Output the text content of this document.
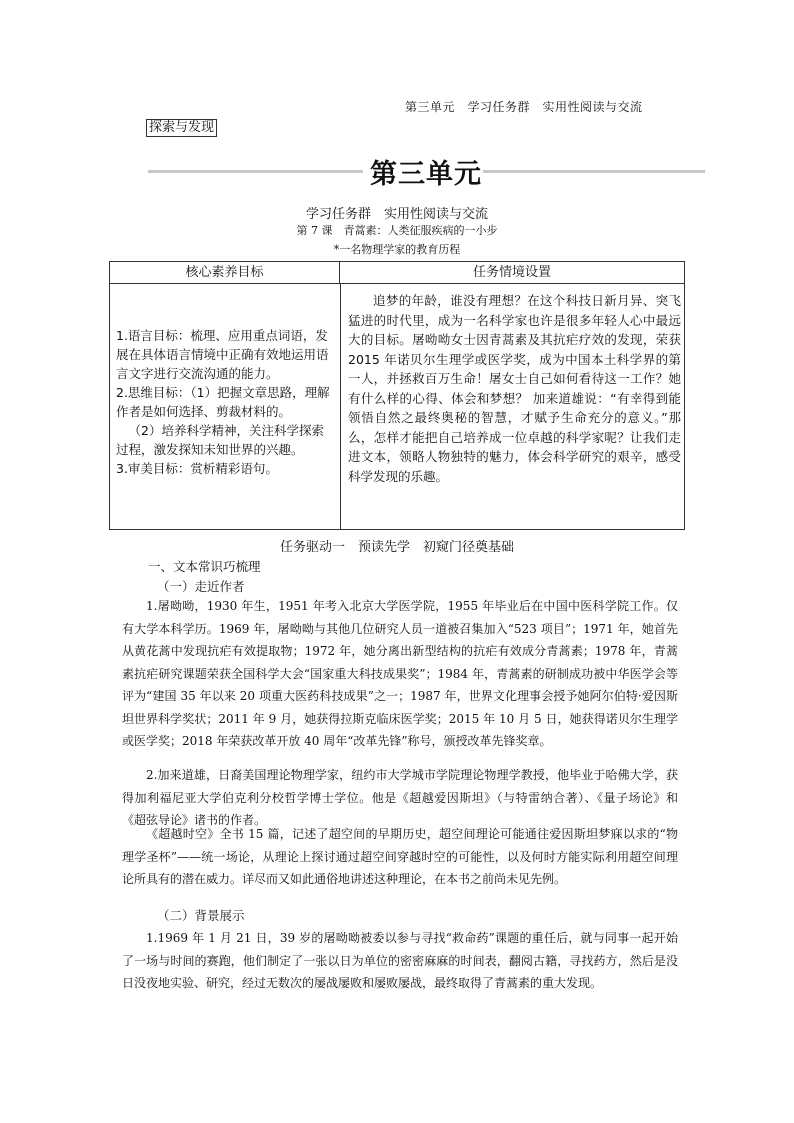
第三单元　学习任务群　实用性阅读与交流
探索与发现
第三单元
学习任务群　实用性阅读与交流
第 7 课　青蒿素：人类征服疾病的一小步
*一名物理学家的教育历程
核心素养目标	任务情境设置

1.语言目标：梳理、应用重点词语，发展在具体语言情境中正确有效地运用语言文字进行交流沟通的能力。

2.思维目标：（1）把握文章思路，理解作者是如何选择、剪裁材料的。

（2）培养科学精神，关注科学探索过程，激发探知未知世界的兴趣。

3.审美目标：赏析精彩语句。

追梦的年龄，谁没有理想？在这个科技日新月异、突飞猛进的时代里，成为一名科学家也许是很多年轻人心中最远大的目标。屠呦呦女士因青蒿素及其抗疟疗效的发现，荣获 2015 年诺贝尔生理学或医学奖，成为中国本土科学界的第一人，并拯救百万生命！屠女士自己如何看待这一工作？她有什么样的心得、体会和梦想？ 加来道雄说：“有幸得到能领悟自然之最终奥秘的智慧，才赋予生命充分的意义。”那么，怎样才能把自己培养成一位卓越的科学家呢？让我们走进文本，领略人物独特的魅力，体会科学研究的艰辛，感受科学发现的乐趣。
任务驱动一　预读先学　初窥门径奠基础
一、文本常识巧梳理
（一）走近作者
1.屠呦呦，1930 年生，1951 年考入北京大学医学院，1955 年毕业后在中国中医科学院工作。仅有大学本科学历。1969 年，屠呦呦与其他几位研究人员一道被召集加入“523 项目”；1971 年，她首先从黄花蒿中发现抗疟有效提取物；1972 年，她分离出新型结构的抗疟有效成分青蒿素；1978 年，青蒿素抗疟研究课题荣获全国科学大会“国家重大科技成果奖”；1984 年，青蒿素的研制成功被中华医学会等评为“建国 35 年以来 20 项重大医药科技成果”之一；1987 年，世界文化理事会授予她阿尔伯特·爱因斯坦世界科学奖状；2011 年 9 月，她获得拉斯克临床医学奖；2015 年 10 月 5 日，她获得诺贝尔生理学或医学奖；2018 年荣获改革开放 40 周年“改革先锋”称号，颁授改革先锋奖章。
2.加来道雄，日裔美国理论物理学家，纽约市大学城市学院理论物理学教授，他毕业于哈佛大学，获得加利福尼亚大学伯克利分校哲学博士学位。他是《超越爱因斯坦》（与特雷纳合著）、《量子场论》和《超弦导论》诸书的作者。
《超越时空》全书 15 篇，记述了超空间的早期历史，超空间理论可能通往爱因斯坦梦寐以求的“物理学圣杯”——统一场论，从理论上探讨通过超空间穿越时空的可能性，以及何时方能实际利用超空间理论所具有的潜在威力。详尽而又如此通俗地讲述这种理论，在本书之前尚未见先例。
（二）背景展示
1.1969 年 1 月 21 日，39 岁的屠呦呦被委以参与寻找“救命药”课题的重任后，就与同事一起开始了一场与时间的赛跑，他们制定了一张以日为单位的密密麻麻的时间表，翻阅古籍，寻找药方，然后是没日没夜地实验、研究，经过无数次的屡战屡败和屡败屡战，最终取得了青蒿素的重大发现。
